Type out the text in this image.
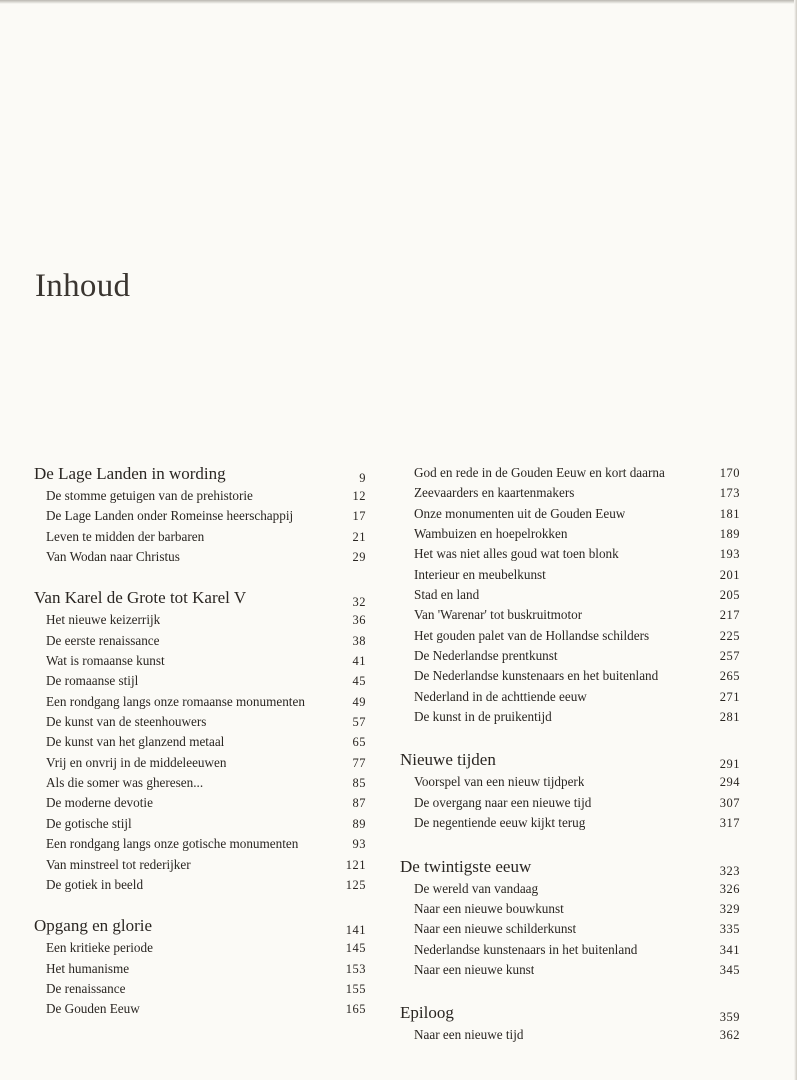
Inhoud
De Lage Landen in wording	9
De stomme getuigen van de prehistorie	12
De Lage Landen onder Romeinse heerschappij	17
Leven te midden der barbaren	21
Van Wodan naar Christus	29
Van Karel de Grote tot Karel V	32
Het nieuwe keizerrijk	36
De eerste renaissance	38
Wat is romaanse kunst	41
De romaanse stijl	45
Een rondgang langs onze romaanse monumenten	49
De kunst van de steenhouwers	57
De kunst van het glanzend metaal	65
Vrij en onvrij in de middeleeuwen	77
Als die somer was gheresen...	85
De moderne devotie	87
De gotische stijl	89
Een rondgang langs onze gotische monumenten	93
Van minstreel tot rederijker	121
De gotiek in beeld	125
Opgang en glorie	141
Een kritieke periode	145
Het humanisme	153
De renaissance	155
De Gouden Eeuw	165
God en rede in de Gouden Eeuw en kort daarna	170
Zeevaarders en kaartenmakers	173
Onze monumenten uit de Gouden Eeuw	181
Wambuizen en hoepelrokken	189
Het was niet alles goud wat toen blonk	193
Interieur en meubelkunst	201
Stad en land	205
Van 'Warenar' tot buskruitmotor	217
Het gouden palet van de Hollandse schilders	225
De Nederlandse prentkunst	257
De Nederlandse kunstenaars en het buitenland	265
Nederland in de achttiende eeuw	271
De kunst in de pruikentijd	281
Nieuwe tijden	291
Voorspel van een nieuw tijdperk	294
De overgang naar een nieuwe tijd	307
De negentiende eeuw kijkt terug	317
De twintigste eeuw	323
De wereld van vandaag	326
Naar een nieuwe bouwkunst	329
Naar een nieuwe schilderkunst	335
Nederlandse kunstenaars in het buitenland	341
Naar een nieuwe kunst	345
Epiloog	359
Naar een nieuwe tijd	362
